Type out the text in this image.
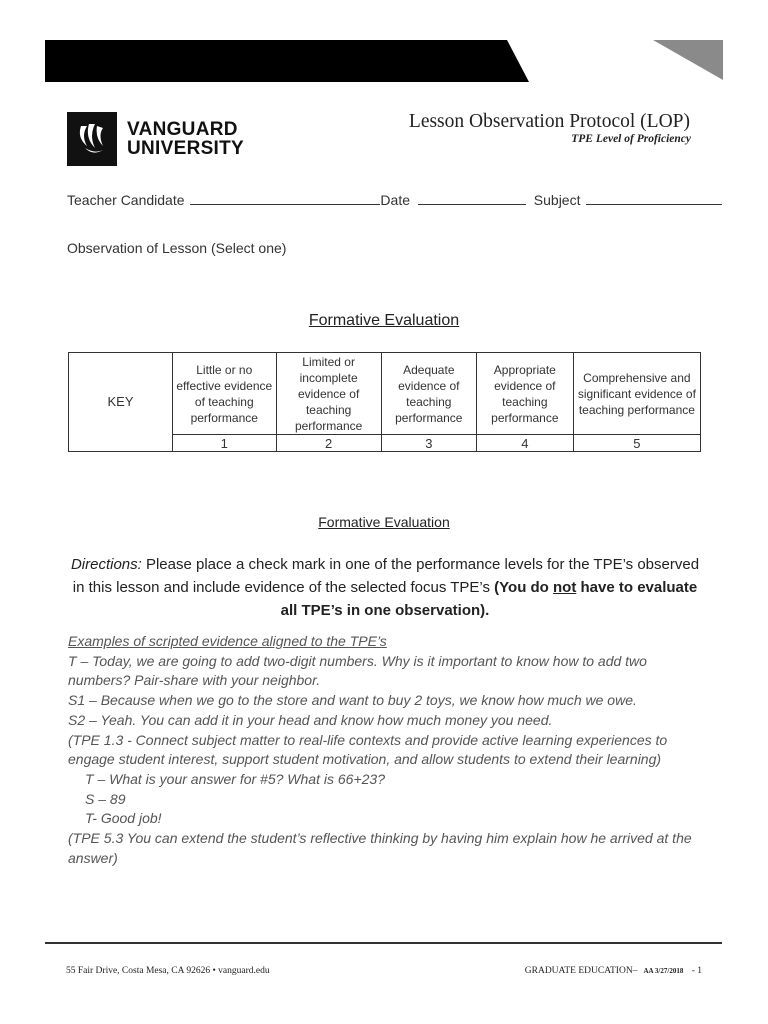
VANGUARD
UNIVERSITY
Lesson Observation Protocol (LOP)
TPE Level of Proficiency
Teacher Candidate	Date	Subject
Observation of Lesson (Select one)
Formative Evaluation
KEY	Little or no effective evidence of teaching performance	Limited or incomplete evidence of teaching performance	Adequate evidence of teaching performance	Appropriate evidence of teaching performance	Comprehensive and significant evidence of teaching performance
	1	2	3	4	5
Formative Evaluation
Directions: Please place a check mark in one of the performance levels for the TPE’s observed in this lesson and include evidence of the selected focus TPE’s (You do not have to evaluate all TPE’s in one observation).
Examples of scripted evidence aligned to the TPE’s
T – Today, we are going to add two-digit numbers. Why is it important to know how to add two numbers? Pair-share with your neighbor.
S1 – Because when we go to the store and want to buy 2 toys, we know how much we owe.
S2 – Yeah. You can add it in your head and know how much money you need.
(TPE 1.3 - Connect subject matter to real-life contexts and provide active learning experiences to engage student interest, support student motivation, and allow students to extend their learning)
T – What is your answer for #5? What is 66+23?
S – 89
T- Good job!
(TPE 5.3 You can extend the student’s reflective thinking by having him explain how he arrived at the answer)
55 Fair Drive, Costa Mesa, CA 92626 • vanguard.edu	GRADUATE EDUCATION– AA 3/27/2018 - 1
